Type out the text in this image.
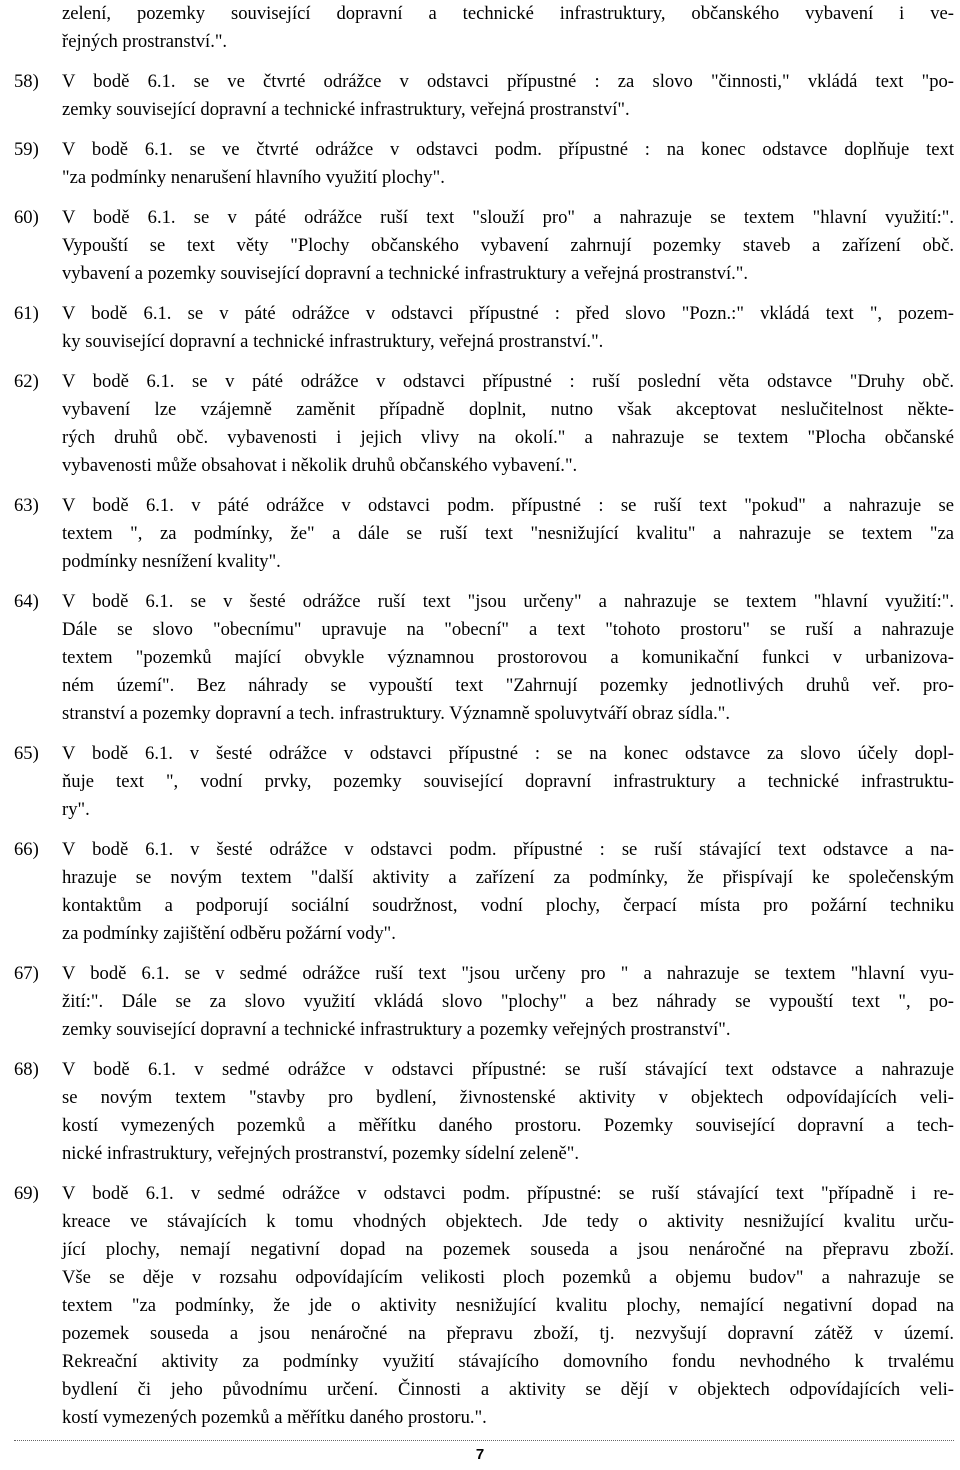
zelení, pozemky související dopravní a technické infrastruktury, občanského vybavení i ve-
řejných prostranství.".
58)	V bodě 6.1. se ve čtvrté odrážce v odstavci přípustné : za slovo "činnosti," vkládá text "po-
zemky související dopravní a technické infrastruktury, veřejná prostranství".
59)	V bodě 6.1. se ve čtvrté odrážce v odstavci podm. přípustné : na konec odstavce doplňuje text
"za podmínky nenarušení hlavního využití plochy".
60)	V bodě 6.1. se v páté odrážce ruší text "slouží pro" a nahrazuje se textem "hlavní využití:".
Vypouští se text věty "Plochy občanského vybavení zahrnují pozemky staveb a zařízení obč.
vybavení a pozemky související dopravní a technické infrastruktury a veřejná prostranství.".
61)	V bodě 6.1. se v páté odrážce v odstavci přípustné : před slovo "Pozn.:" vkládá text ", pozem-
ky související dopravní a technické infrastruktury, veřejná prostranství.".
62)	V bodě 6.1. se v páté odrážce v odstavci přípustné : ruší poslední věta odstavce "Druhy obč.
vybavení lze vzájemně zaměnit případně doplnit, nutno však akceptovat neslučitelnost někte-
rých druhů obč. vybavenosti i jejich vlivy na okolí." a nahrazuje se textem "Plocha občanské
vybavenosti může obsahovat i několik druhů občanského vybavení.".
63)	V bodě 6.1. v páté odrážce v odstavci podm. přípustné : se ruší text "pokud" a nahrazuje se
textem ", za podmínky, že" a dále se ruší text "nesnižující kvalitu" a nahrazuje se textem "za
podmínky nesnížení kvality".
64)	V bodě 6.1. se v šesté odrážce ruší text "jsou určeny" a nahrazuje se textem "hlavní využití:".
Dále se slovo "obecnímu" upravuje na "obecní" a text "tohoto prostoru" se ruší a nahrazuje
textem "pozemků mající obvykle významnou prostorovou a komunikační funkci v urbanizova-
ném území". Bez náhrady se vypouští text "Zahrnují pozemky jednotlivých druhů veř. pro-
stranství a pozemky dopravní a tech. infrastruktury. Významně spoluvytváří obraz sídla.".
65)	V bodě 6.1. v šesté odrážce v odstavci přípustné : se na konec odstavce za slovo účely dopl-
ňuje text ", vodní prvky, pozemky související dopravní infrastruktury a technické infrastruktu-
ry".
66)	V bodě 6.1. v šesté odrážce v odstavci podm. přípustné : se ruší stávající text odstavce a na-
hrazuje se novým textem "další aktivity a zařízení za podmínky, že přispívají ke společenským
kontaktům a podporují sociální soudržnost, vodní plochy, čerpací místa pro požární techniku
za podmínky zajištění odběru požární vody".
67)	V bodě 6.1. se v sedmé odrážce ruší text "jsou určeny pro " a nahrazuje se textem "hlavní vyu-
žití:". Dále se za slovo využití vkládá slovo "plochy" a bez náhrady se vypouští text ", po-
zemky související dopravní a technické infrastruktury a pozemky veřejných prostranství".
68)	V bodě 6.1. v sedmé odrážce v odstavci přípustné: se ruší stávající text odstavce a nahrazuje
se novým textem "stavby pro bydlení, živnostenské aktivity v objektech odpovídajících veli-
kostí vymezených pozemků a měřítku daného prostoru. Pozemky související dopravní a tech-
nické infrastruktury, veřejných prostranství, pozemky sídelní zeleně".
69)	V bodě 6.1. v sedmé odrážce v odstavci podm. přípustné: se ruší stávající text "případně i re-
kreace ve stávajících k tomu vhodných objektech. Jde tedy o aktivity nesnižující kvalitu urču-
jící plochy, nemají negativní dopad na pozemek souseda a jsou nenáročné na přepravu zboží.
Vše se děje v rozsahu odpovídajícím velikosti ploch pozemků a objemu budov" a nahrazuje se
textem "za podmínky, že jde o aktivity nesnižující kvalitu plochy, nemající negativní dopad na
pozemek souseda a jsou nenáročné na přepravu zboží, tj. nezvyšují dopravní zátěž v území.
Rekreační aktivity za podmínky využití stávajícího domovního fondu nevhodného k trvalému
bydlení či jeho původnímu určení. Činnosti a aktivity se dějí v objektech odpovídajících veli-
kostí vymezených pozemků a měřítku daného prostoru.".
7
